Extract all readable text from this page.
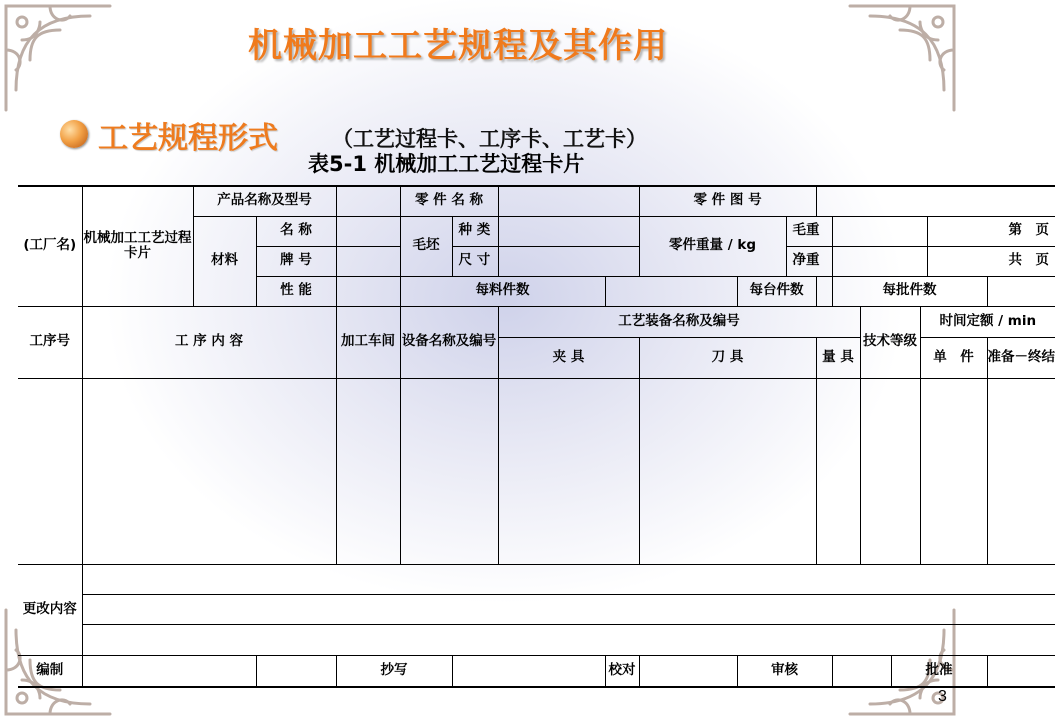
机械加工工艺规程及其作用
工艺规程形式	（工艺过程卡、工序卡、工艺卡）
表5-1 机械加工工艺过程卡片
(工厂名)	机械加工工艺过程卡片	产品名称及型号			零 件 名 称				零 件 图 号									
		材料	名 称		毛坯	种 类			零件重量 / kg		毛重						第　页	
			牌 号			尺 寸					净重						共　页	
			性 能		每料件数					每台件数			每批件数					
工序号	工 序 内 容			加工车间	设备名称及编号		工艺装备名称及编号							技术等级		时间定额 / min		
							夹 具		刀 具			量 具				单　件		准备－终结

更改内容																		

编制				抄写				校对		审核					批准			
3
